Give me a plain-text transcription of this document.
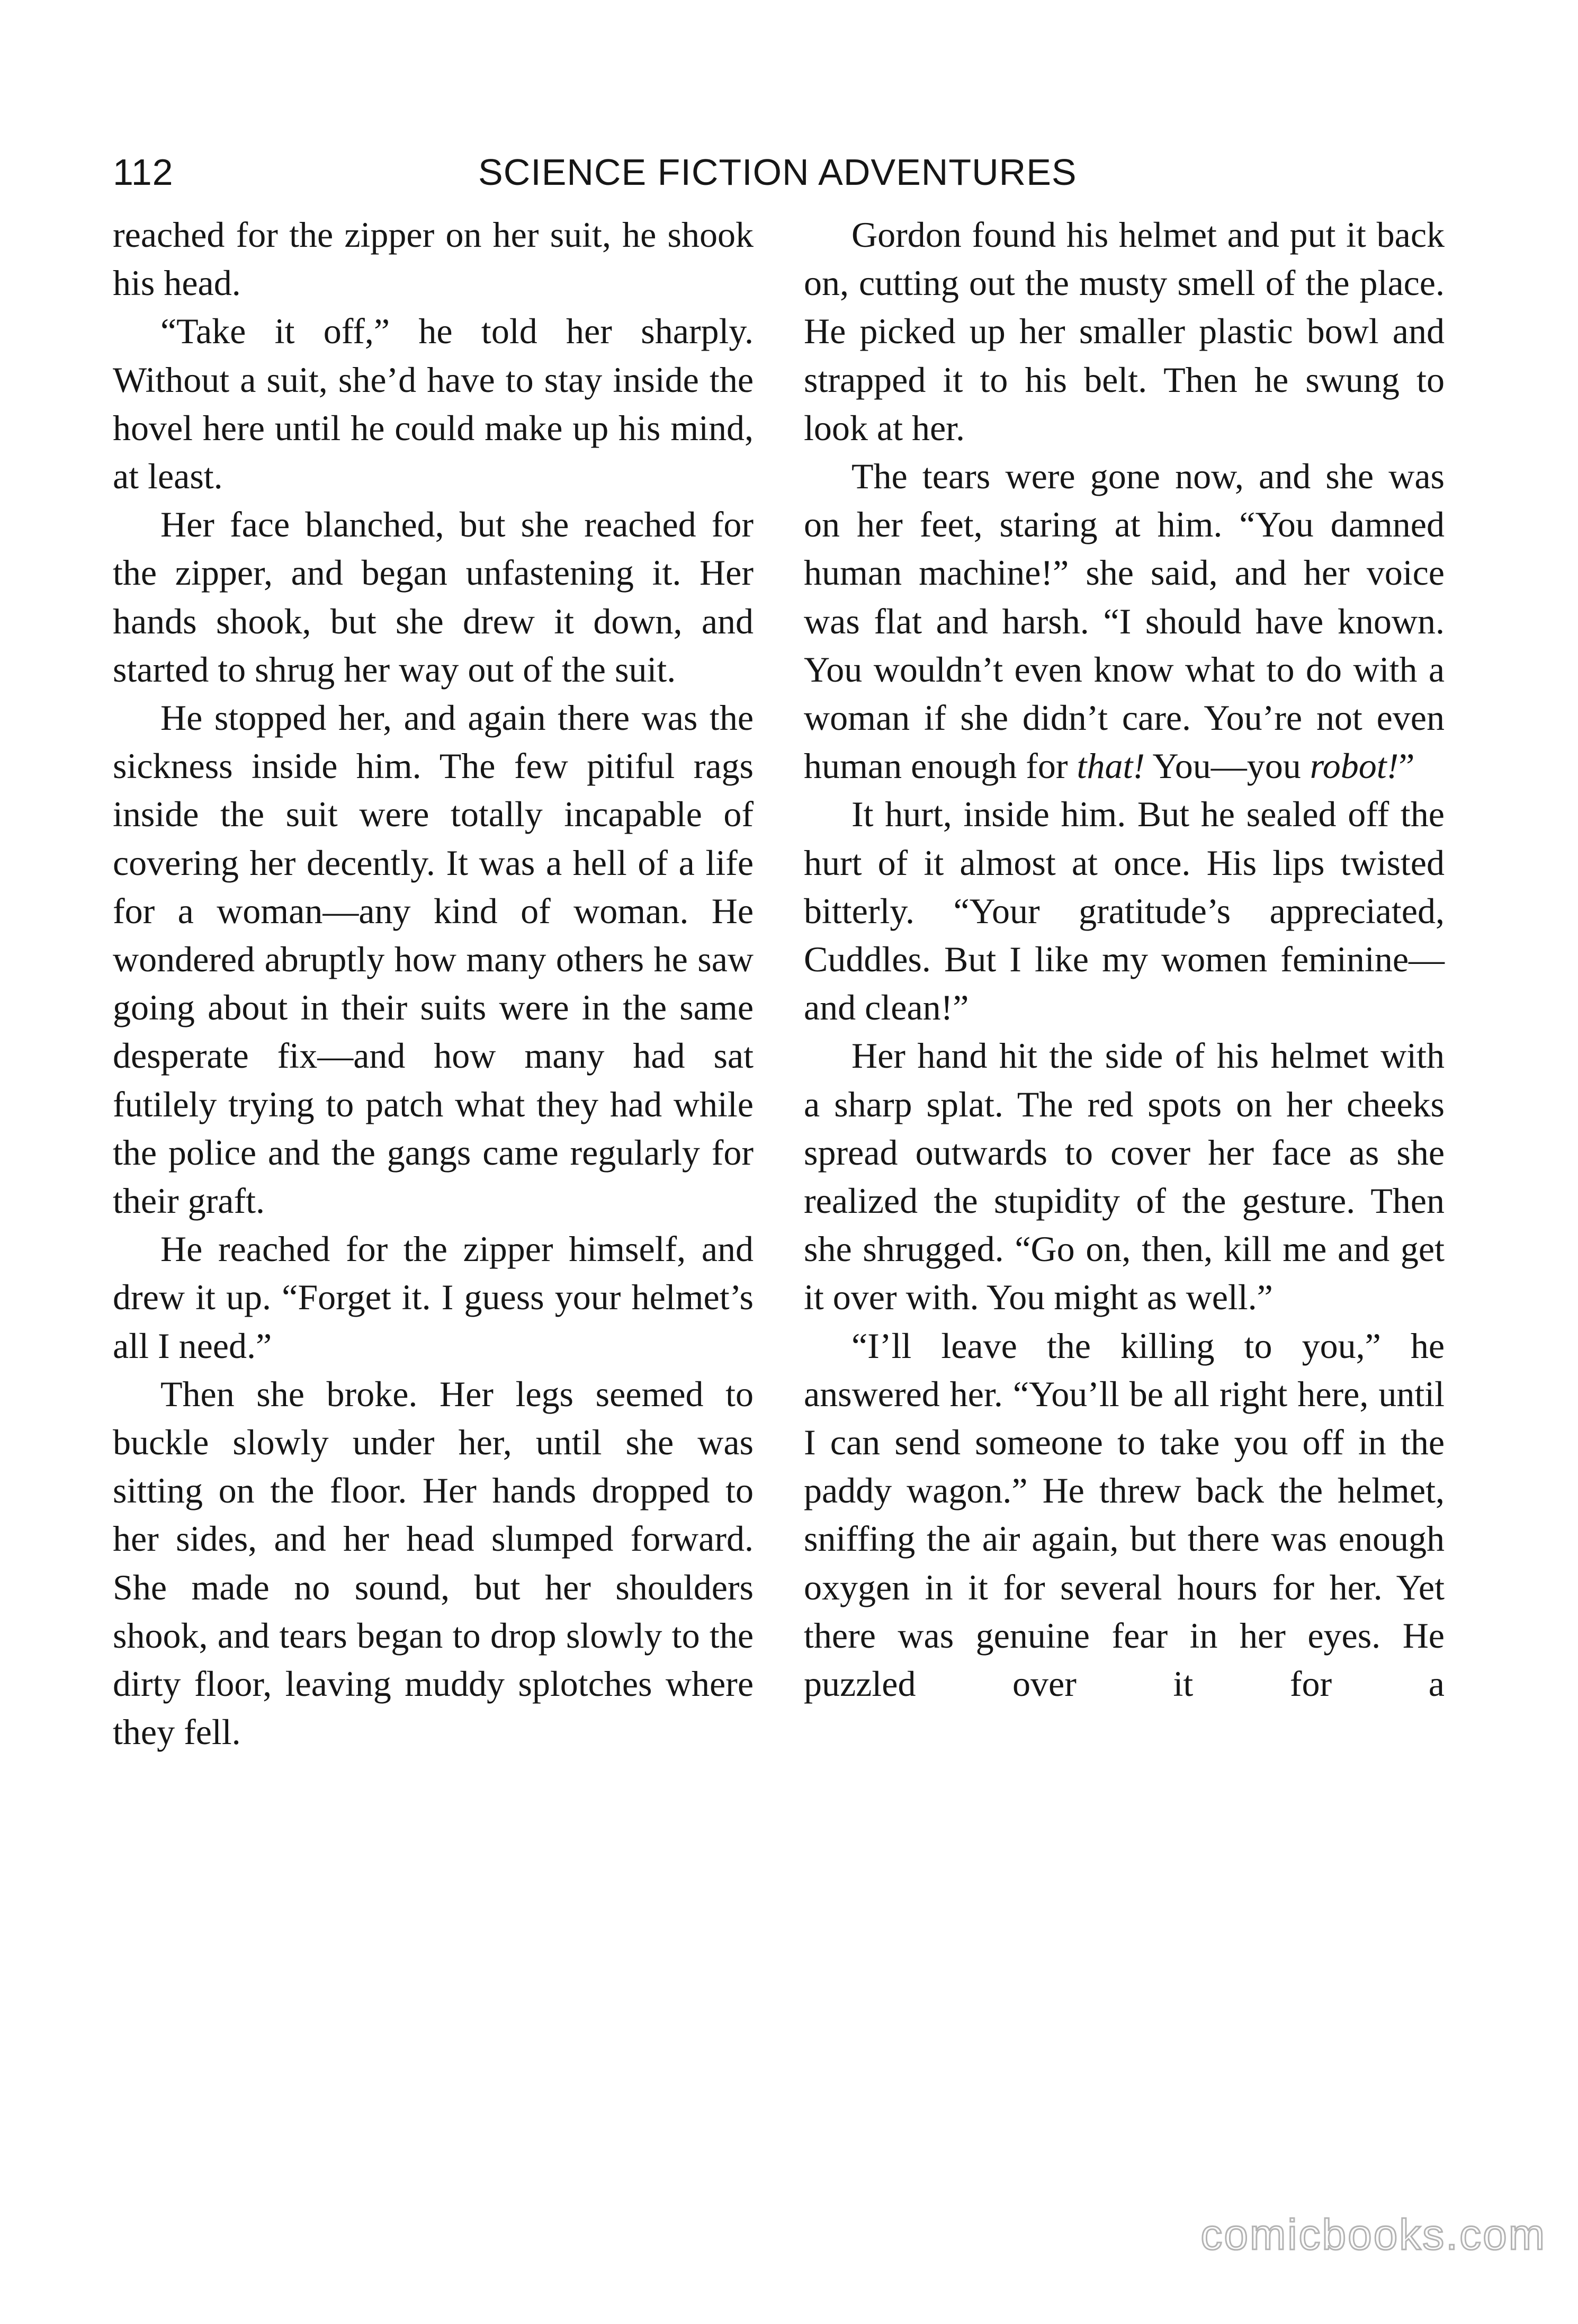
112	SCIENCE FICTION ADVENTURES

reached for the zipper on her suit, he shook his head.

“Take it off,” he told her sharply. Without a suit, she’d have to stay inside the hovel here until he could make up his mind, at least.

Her face blanched, but she reached for the zipper, and began unfastening it. Her hands shook, but she drew it down, and started to shrug her way out of the suit.

He stopped her, and again there was the sickness inside him. The few pitiful rags inside the suit were totally incapable of covering her decently. It was a hell of a life for a woman—any kind of woman. He wondered abruptly how many others he saw going about in their suits were in the same desperate fix—and how many had sat futilely trying to patch what they had while the police and the gangs came regularly for their graft.

He reached for the zipper himself, and drew it up. “Forget it. I guess your helmet’s all I need.”

Then she broke. Her legs seemed to buckle slowly under her, until she was sitting on the floor. Her hands dropped to her sides, and her head slumped forward. She made no sound, but her shoulders shook, and tears began to drop slowly to the dirty floor, leaving muddy splotches where they fell.

Gordon found his helmet and put it back on, cutting out the musty smell of the place. He picked up her smaller plastic bowl and strapped it to his belt. Then he swung to look at her.

The tears were gone now, and she was on her feet, staring at him. “You damned human machine!” she said, and her voice was flat and harsh. “I should have known. You wouldn’t even know what to do with a woman if she didn’t care. You’re not even human enough for that! You—you robot!”

It hurt, inside him. But he sealed off the hurt of it almost at once. His lips twisted bitterly. “Your gratitude’s appreciated, Cuddles. But I like my women feminine—and clean!”

Her hand hit the side of his helmet with a sharp splat. The red spots on her cheeks spread outwards to cover her face as she realized the stupidity of the gesture. Then she shrugged. “Go on, then, kill me and get it over with. You might as well.”

“I’ll leave the killing to you,” he answered her. “You’ll be all right here, until I can send someone to take you off in the paddy wagon.” He threw back the helmet, sniffing the air again, but there was enough oxygen in it for several hours for her. Yet there was genuine fear in her eyes. He puzzled over it for a

comicbooks.com
